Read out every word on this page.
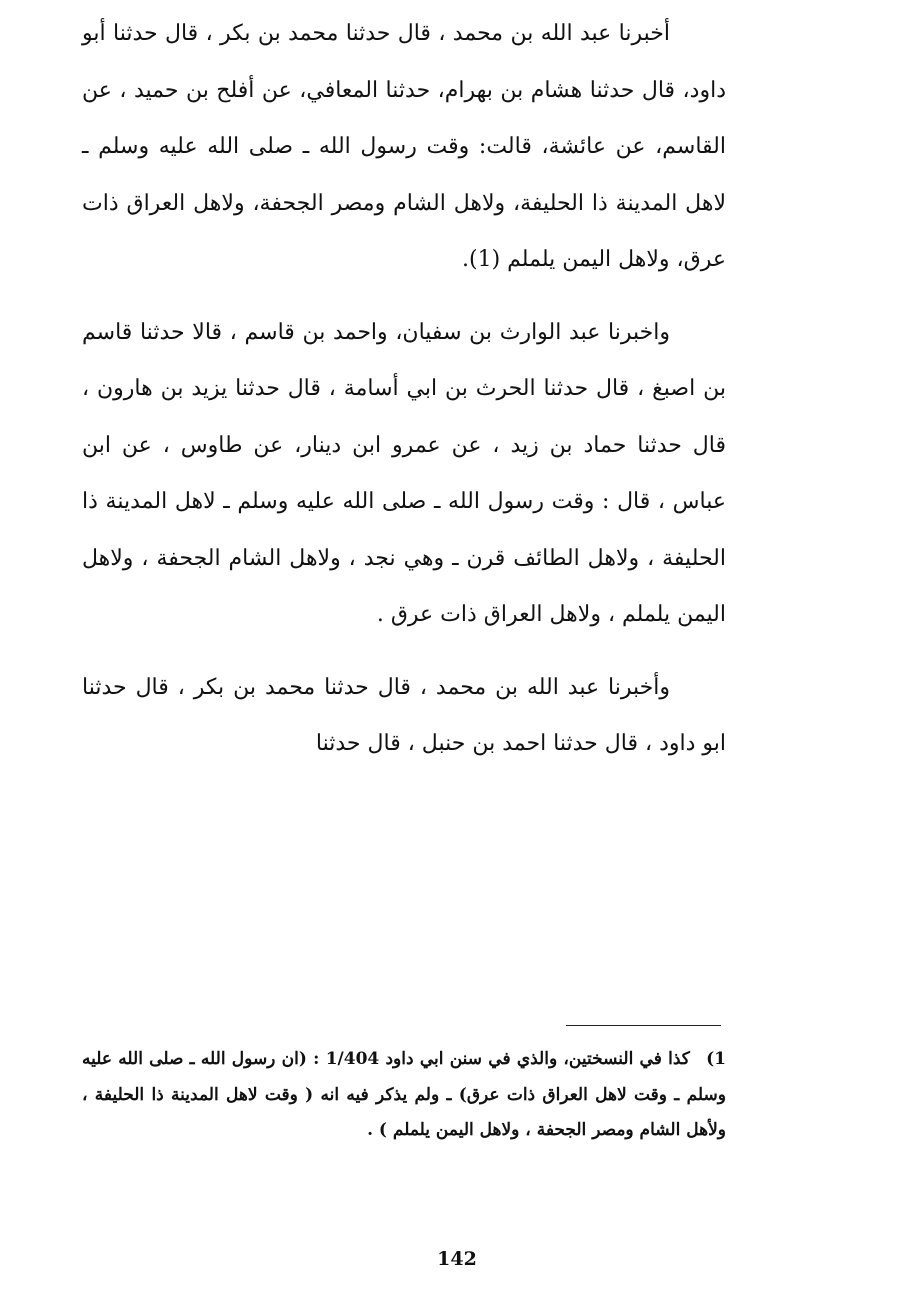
أخبرنا عبد الله بن محمد ، قال حدثنا محمد بن بكر ، قال حدثنا أبو داود، قال حدثنا هشام بن بهرام، حدثنا المعافي، عن أفلح بن حميد ، عن القاسم، عن عائشة، قالت: وقت رسول الله ـ صلى الله عليه وسلم ـ لاهل المدينة ذا الحليفة، ولاهل الشام ومصر الجحفة، ولاهل العراق ذات عرق، ولاهل اليمن يلملم (1).

واخبرنا عبد الوارث بن سفيان، واحمد بن قاسم ، قالا حدثنا قاسم بن اصبغ ، قال حدثنا الحرث بن ابي أسامة ، قال حدثنا يزيد بن هارون ، قال حدثنا حماد بن زيد ، عن عمرو ابن دينار، عن طاوس ، عن ابن عباس ، قال : وقت رسول الله ـ صلى الله عليه وسلم ـ لاهل المدينة ذا الحليفة ، ولاهل الطائف قرن ـ وهي نجد ، ولاهل الشام الجحفة ، ولاهل اليمن يلملم ، ولاهل العراق ذات عرق .

وأخبرنا عبد الله بن محمد ، قال حدثنا محمد بن بكر ، قال حدثنا ابو داود ، قال حدثنا احمد بن حنبل ، قال حدثنا

1) كذا في النسختين، والذي في سنن ابي داود 1/404 : (ان رسول الله ـ صلى الله عليه وسلم ـ وقت لاهل العراق ذات عرق) ـ ولم يذكر فيه انه ( وقت لاهل المدينة ذا الحليفة ، ولأهل الشام ومصر الجحفة ، ولاهل اليمن يلملم ) .
142
